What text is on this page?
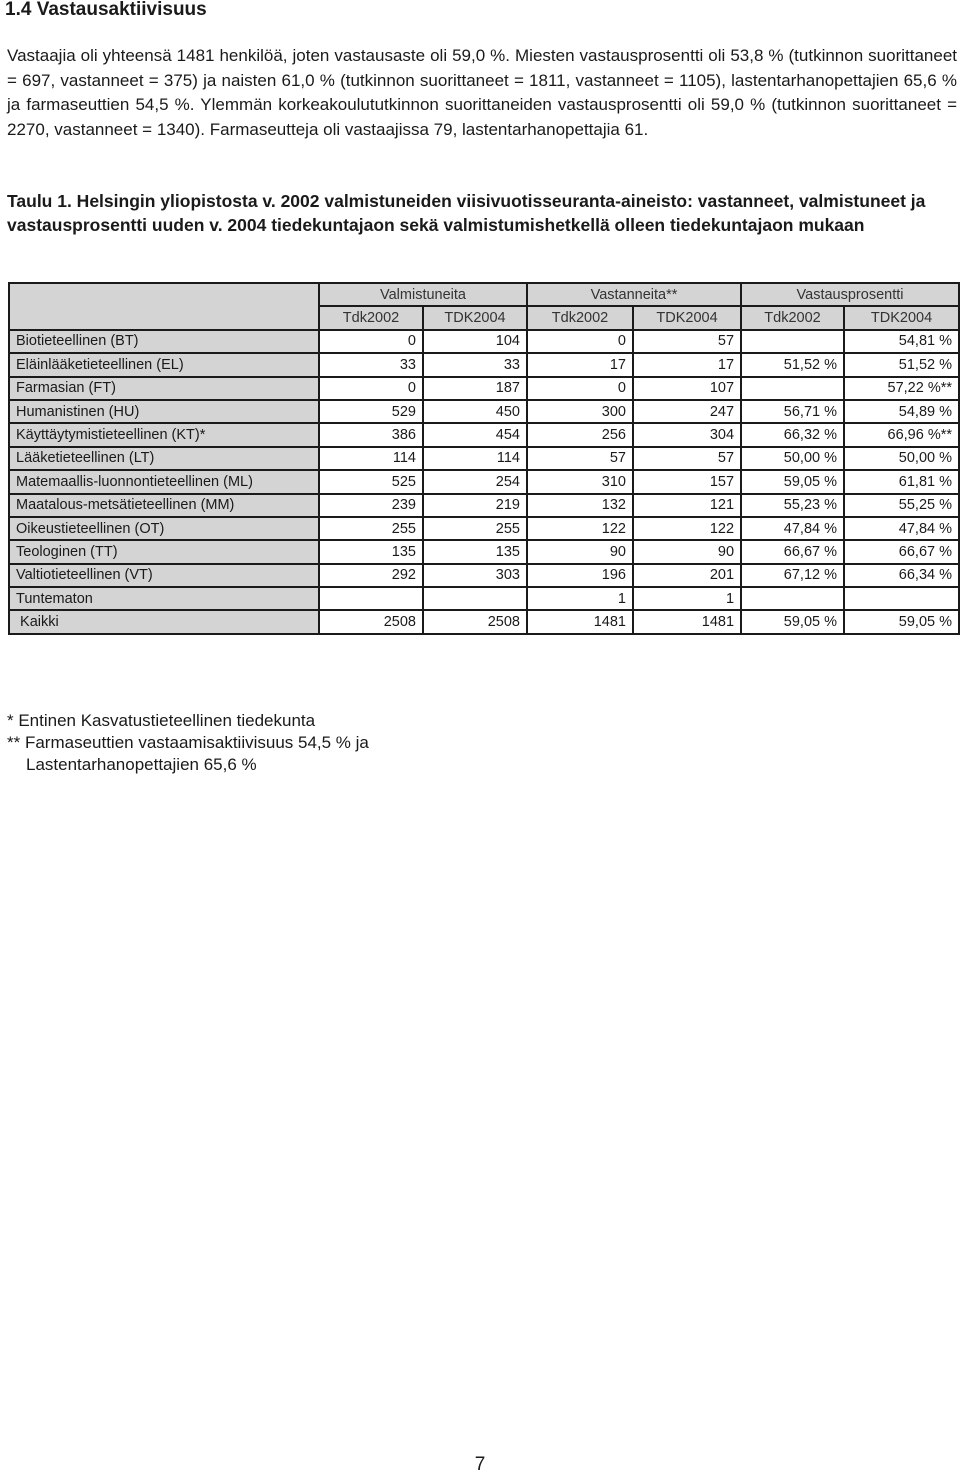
1.4 Vastausaktiivisuus

Vastaajia oli yhteensä 1481 henkilöä, joten vastausaste oli 59,0 %. Miesten vastausprosentti oli 53,8 % (tutkinnon suorittaneet = 697, vastanneet = 375) ja naisten 61,0 % (tutkinnon suorittaneet = 1811, vastanneet = 1105), lastentarhanopettajien 65,6 % ja farmaseuttien 54,5 %. Ylemmän korkeakoulututkinnon suorittaneiden vastausprosentti oli 59,0 % (tutkinnon suorittaneet = 2270, vastanneet = 1340). Farmaseutteja oli vastaajissa 79, lastentarhanopettajia 61.

Taulu 1. Helsingin yliopistosta v. 2002 valmistuneiden viisivuotisseuranta-aineisto: vastanneet, valmistuneet ja vastausprosentti uuden v. 2004 tiedekuntajaon sekä valmistumishetkellä olleen tiedekuntajaon mukaan

	Valmistuneita		Vastanneita**		Vastausprosentti	
	Tdk2002	TDK2004	Tdk2002	TDK2004	Tdk2002	TDK2004
Biotieteellinen (BT)	0	104	0	57		54,81 %
Eläinlääketieteellinen (EL)	33	33	17	17	51,52 %	51,52 %
Farmasian (FT)	0	187	0	107		57,22 %**
Humanistinen (HU)	529	450	300	247	56,71 %	54,89 %
Käyttäytymistieteellinen (KT)*	386	454	256	304	66,32 %	66,96 %**
Lääketieteellinen (LT)	114	114	57	57	50,00 %	50,00 %
Matemaallis-luonnontieteellinen (ML)	525	254	310	157	59,05 %	61,81 %
Maatalous-metsätieteellinen (MM)	239	219	132	121	55,23 %	55,25 %
Oikeustieteellinen (OT)	255	255	122	122	47,84 %	47,84 %
Teologinen (TT)	135	135	90	90	66,67 %	66,67 %
Valtiotieteellinen (VT)	292	303	196	201	67,12 %	66,34 %
Tuntematon			1	1		
Kaikki	2508	2508	1481	1481	59,05 %	59,05 %
* Entinen Kasvatustieteellinen tiedekunta
** Farmaseuttien vastaamisaktiivisuus 54,5 % ja
Lastentarhanopettajien 65,6 %
7
